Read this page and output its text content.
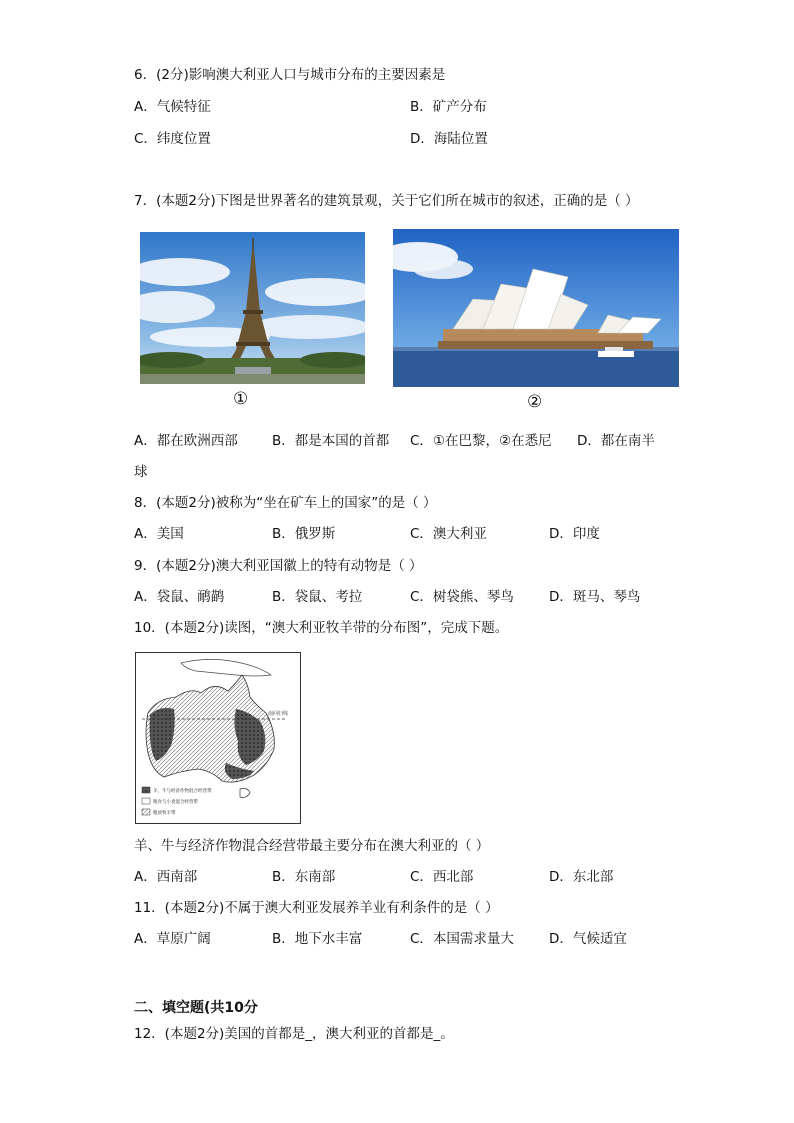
6．(2分)影响澳大利亚人口与城市分布的主要因素是
A．气候特征	B．矿产分布
C．纬度位置	D．海陆位置
7．(本题2分)下图是世界著名的建筑景观，关于它们所在城市的叙述，正确的是（ ）
①	②
A．都在欧洲西部	B．都是本国的首都 C．①在巴黎，②在悉尼 D．都在南半
球
8．(本题2分)被称为“坐在矿车上的国家”的是（ ）
A．美国	B．俄罗斯	C．澳大利亚	D．印度
9．(本题2分)澳大利亚国徽上的特有动物是（ ）
A．袋鼠、鸸鹋	B．袋鼠、考拉	C．树袋熊、琴鸟	D．斑马、琴鸟
10．(本题2分)读图，“澳大利亚牧羊带的分布图”，完成下题。
南回归线
羊、牛与经济作物混合经营带
粮食与小麦混合经营带
粗放牧羊带
羊、牛与经济作物混合经营带最主要分布在澳大利亚的（ ）
A．西南部	B．东南部	C．西北部	D．东北部
11．(本题2分)不属于澳大利亚发展养羊业有利条件的是（ ）
A．草原广阔	B．地下水丰富	C．本国需求量大	D．气候适宜
二、填空题(共10分
12．(本题2分)美国的首都是_，澳大利亚的首都是_。
